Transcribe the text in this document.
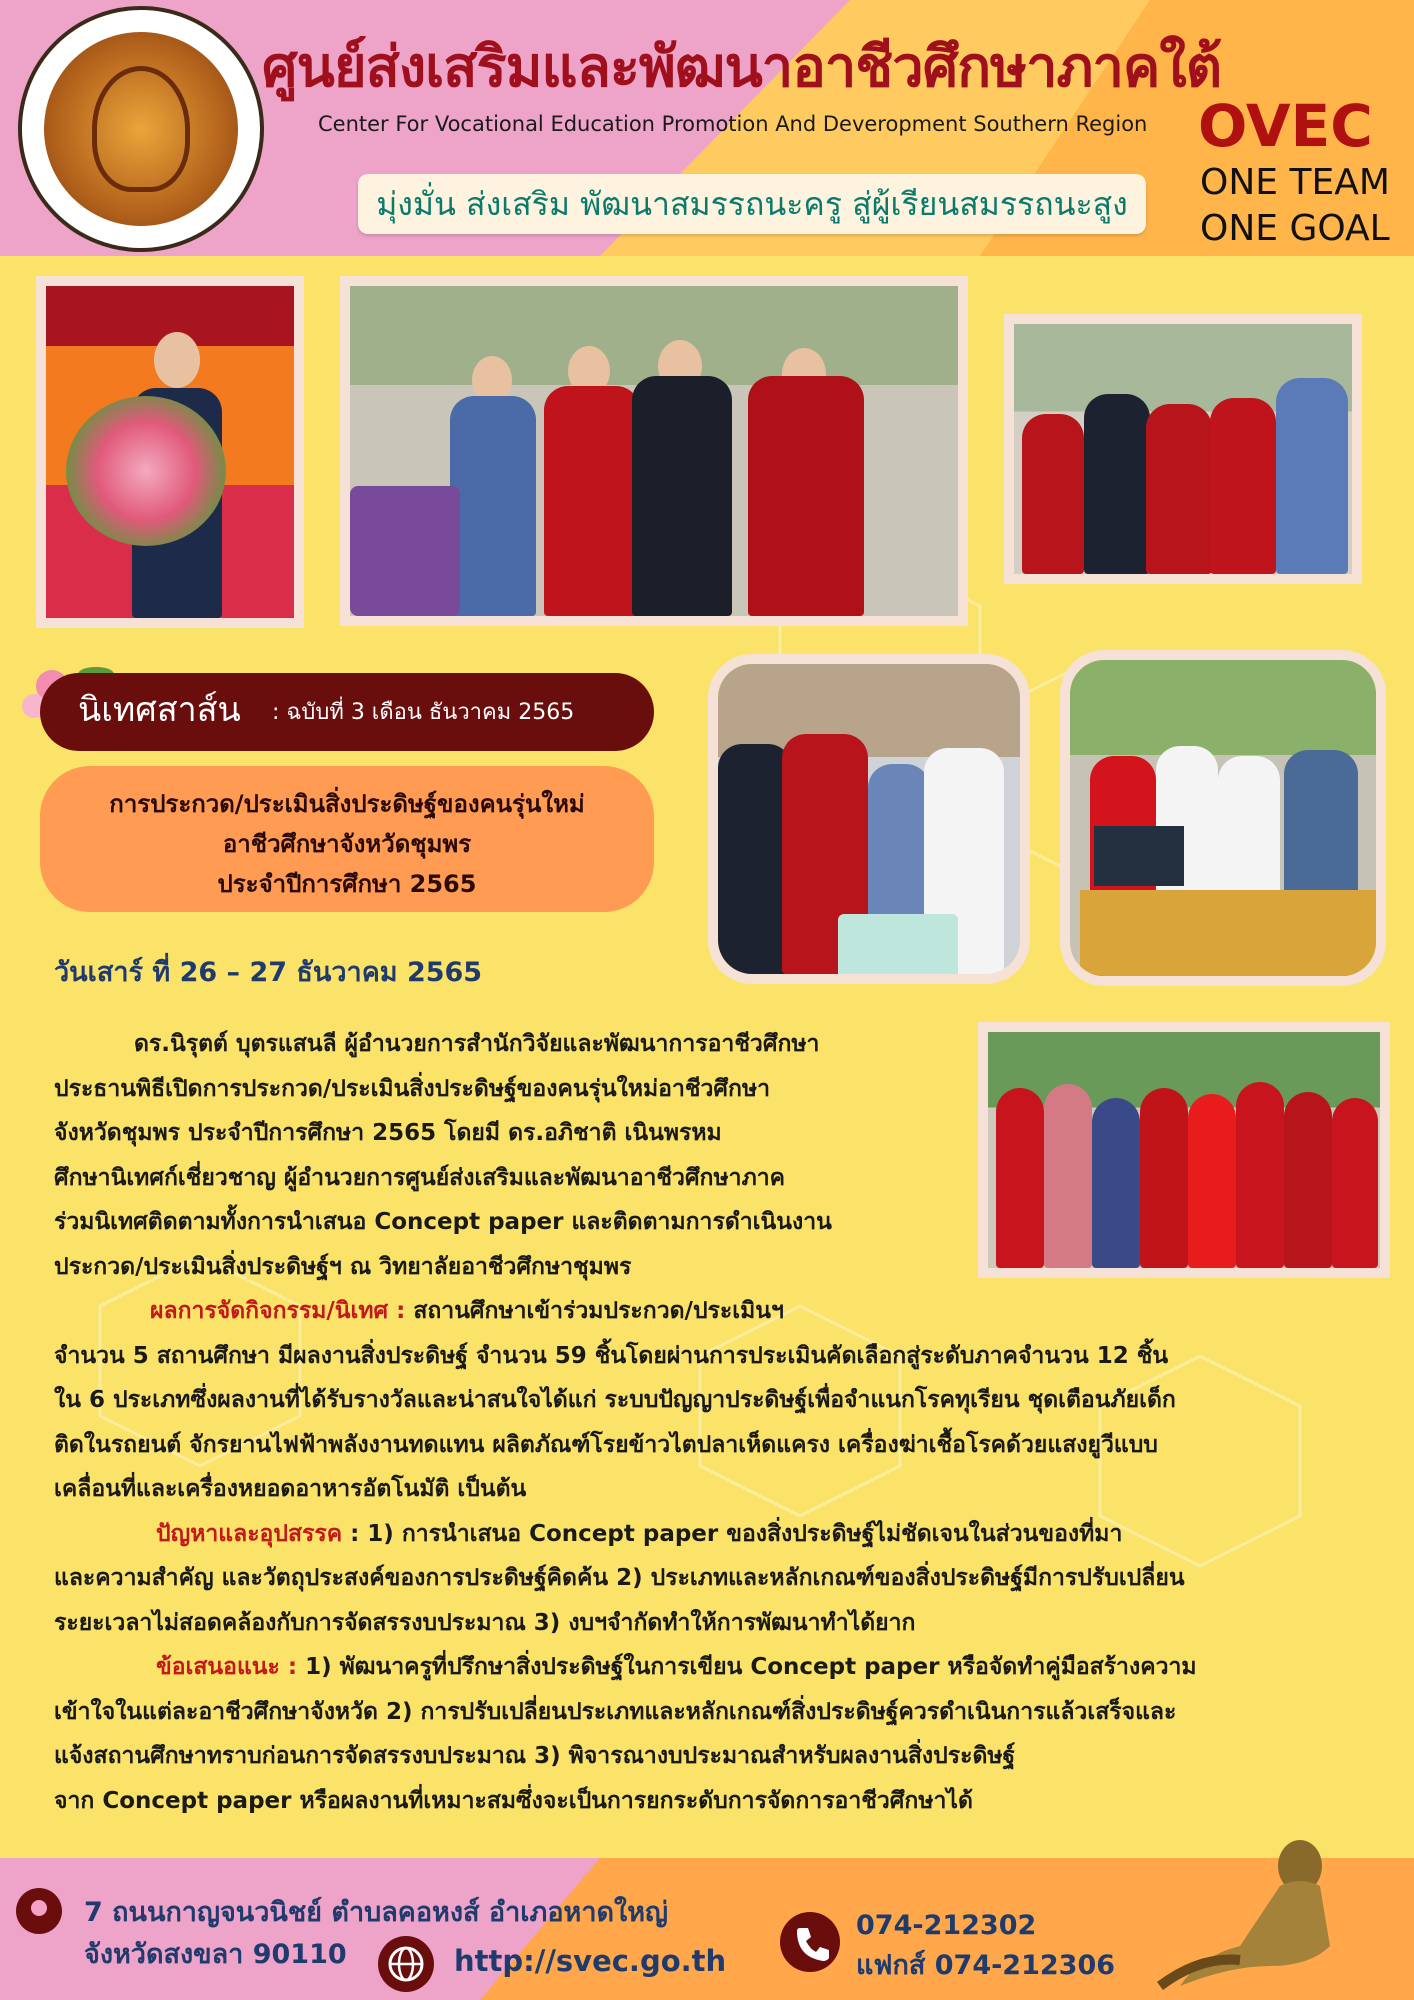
ศูนย์ส่งเสริมและพัฒนาอาชีวศึกษาภาคใต้
Center For Vocational Education Promotion And Deveropment Southern Region OVEC
ONE TEAM
ONE GOAL
มุ่งมั่น ส่งเสริม พัฒนาสมรรถนะครู สู่ผู้เรียนสมรรถนะสูง
นิเทศสาส์น : ฉบับที่ 3 เดือน ธันวาคม 2565
การประกวด/ประเมินสิ่งประดิษฐ์ของคนรุ่นใหม่
อาชีวศึกษาจังหวัดชุมพร
ประจำปีการศึกษา 2565
วันเสาร์ ที่ 26 – 27 ธันวาคม 2565
ดร.นิรุตต์ บุตรแสนลี ผู้อำนวยการสำนักวิจัยและพัฒนาการอาชีวศึกษา
ประธานพิธีเปิดการประกวด/ประเมินสิ่งประดิษฐ์ของคนรุ่นใหม่อาชีวศึกษา
จังหวัดชุมพร ประจำปีการศึกษา 2565 โดยมี ดร.อภิชาติ เนินพรหม
ศึกษานิเทศก์เชี่ยวชาญ ผู้อำนวยการศูนย์ส่งเสริมและพัฒนาอาชีวศึกษาภาค
ร่วมนิเทศติดตามทั้งการนำเสนอ Concept paper และติดตามการดำเนินงาน
ประกวด/ประเมินสิ่งประดิษฐ์ฯ ณ วิทยาลัยอาชีวศึกษาชุมพร
ผลการจัดกิจกรรม/นิเทศ : สถานศึกษาเข้าร่วมประกวด/ประเมินฯ
จำนวน 5 สถานศึกษา มีผลงานสิ่งประดิษฐ์ จำนวน 59 ชิ้นโดยผ่านการประเมินคัดเลือกสู่ระดับภาคจำนวน 12 ชิ้น
ใน 6 ประเภทซึ่งผลงานที่ได้รับรางวัลและน่าสนใจได้แก่ ระบบปัญญาประดิษฐ์เพื่อจำแนกโรคทุเรียน ชุดเตือนภัยเด็ก
ติดในรถยนต์ จักรยานไฟฟ้าพลังงานทดแทน ผลิตภัณฑ์โรยข้าวไตปลาเห็ดแครง เครื่องฆ่าเชื้อโรคด้วยแสงยูวีแบบ
เคลื่อนที่และเครื่องหยอดอาหารอัตโนมัติ เป็นต้น
ปัญหาและอุปสรรค : 1) การนำเสนอ Concept paper ของสิ่งประดิษฐ์ไม่ชัดเจนในส่วนของที่มา
และความสำคัญ และวัตถุประสงค์ของการประดิษฐ์คิดค้น 2) ประเภทและหลักเกณฑ์ของสิ่งประดิษฐ์มีการปรับเปลี่ยน
ระยะเวลาไม่สอดคล้องกับการจัดสรรงบประมาณ 3) งบฯจำกัดทำให้การพัฒนาทำได้ยาก
ข้อเสนอแนะ : 1) พัฒนาครูที่ปรึกษาสิ่งประดิษฐ์ในการเขียน Concept paper หรือจัดทำคู่มือสร้างความ
เข้าใจในแต่ละอาชีวศึกษาจังหวัด 2) การปรับเปลี่ยนประเภทและหลักเกณฑ์สิ่งประดิษฐ์ควรดำเนินการแล้วเสร็จและ
แจ้งสถานศึกษาทราบก่อนการจัดสรรงบประมาณ 3) พิจารณางบประมาณสำหรับผลงานสิ่งประดิษฐ์
จาก Concept paper หรือผลงานที่เหมาะสมซึ่งจะเป็นการยกระดับการจัดการอาชีวศึกษาได้
7 ถนนกาญจนวนิชย์ ตำบลคอหงส์ อำเภอหาดใหญ่
จังหวัดสงขลา 90110	http://svec.go.th
074-212302
แฟกส์ 074-212306
